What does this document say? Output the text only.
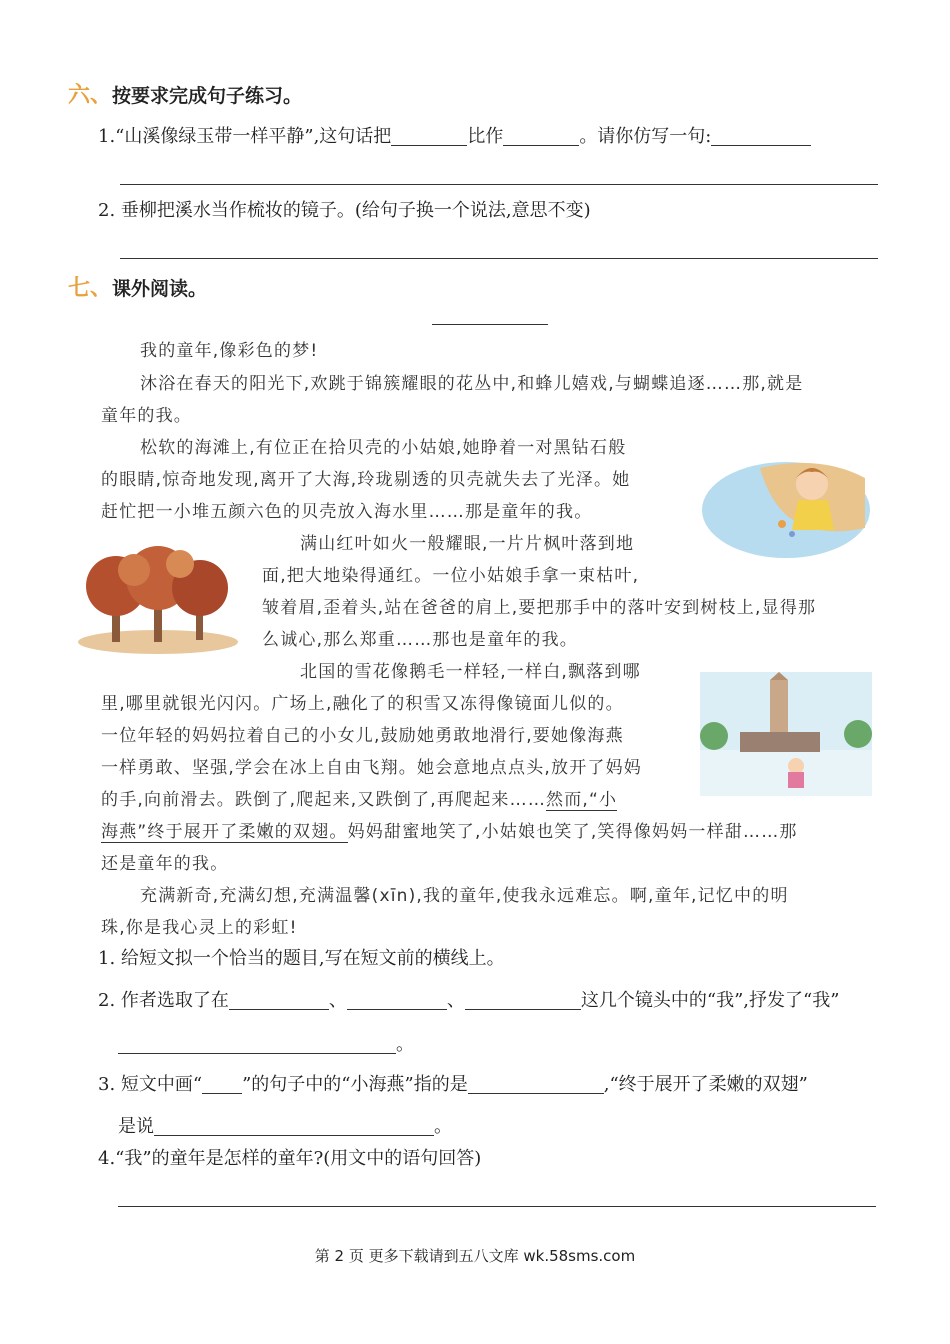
六、按要求完成句子练习。
1.“山溪像绿玉带一样平静”,这句话把	比作	。请你仿写一句:
2. 垂柳把溪水当作梳妆的镜子。(给句子换一个说法,意思不变)
七、课外阅读。
我的童年,像彩色的梦!
沐浴在春天的阳光下,欢跳于锦簇耀眼的花丛中,和蜂儿嬉戏,与蝴蝶追逐……那,就是
童年的我。
松软的海滩上,有位正在拾贝壳的小姑娘,她睁着一对黑钻石般
的眼睛,惊奇地发现,离开了大海,玲珑剔透的贝壳就失去了光泽。她
赶忙把一小堆五颜六色的贝壳放入海水里……那是童年的我。
满山红叶如火一般耀眼,一片片枫叶落到地
面,把大地染得通红。一位小姑娘手拿一束枯叶,
皱着眉,歪着头,站在爸爸的肩上,要把那手中的落叶安到树枝上,显得那
么诚心,那么郑重……那也是童年的我。
北国的雪花像鹅毛一样轻,一样白,飘落到哪
里,哪里就银光闪闪。广场上,融化了的积雪又冻得像镜面儿似的。
一位年轻的妈妈拉着自己的小女儿,鼓励她勇敢地滑行,要她像海燕
一样勇敢、坚强,学会在冰上自由飞翔。她会意地点点头,放开了妈妈
的手,向前滑去。跌倒了,爬起来,又跌倒了,再爬起来……然而,“小
海燕”终于展开了柔嫩的双翅。妈妈甜蜜地笑了,小姑娘也笑了,笑得像妈妈一样甜……那
还是童年的我。
充满新奇,充满幻想,充满温馨(xīn),我的童年,使我永远难忘。啊,童年,记忆中的明
珠,你是我心灵上的彩虹!
1. 给短文拟一个恰当的题目,写在短文前的横线上。
2. 作者选取了在	、	、	这几个镜头中的“我”,抒发了“我”
。
3. 短文中画“ ”的句子中的“小海燕”指的是	,“终于展开了柔嫩的双翅”
是说	。
4.“我”的童年是怎样的童年?(用文中的语句回答)
第 2 页 更多下载请到五八文库 wk.58sms.com
